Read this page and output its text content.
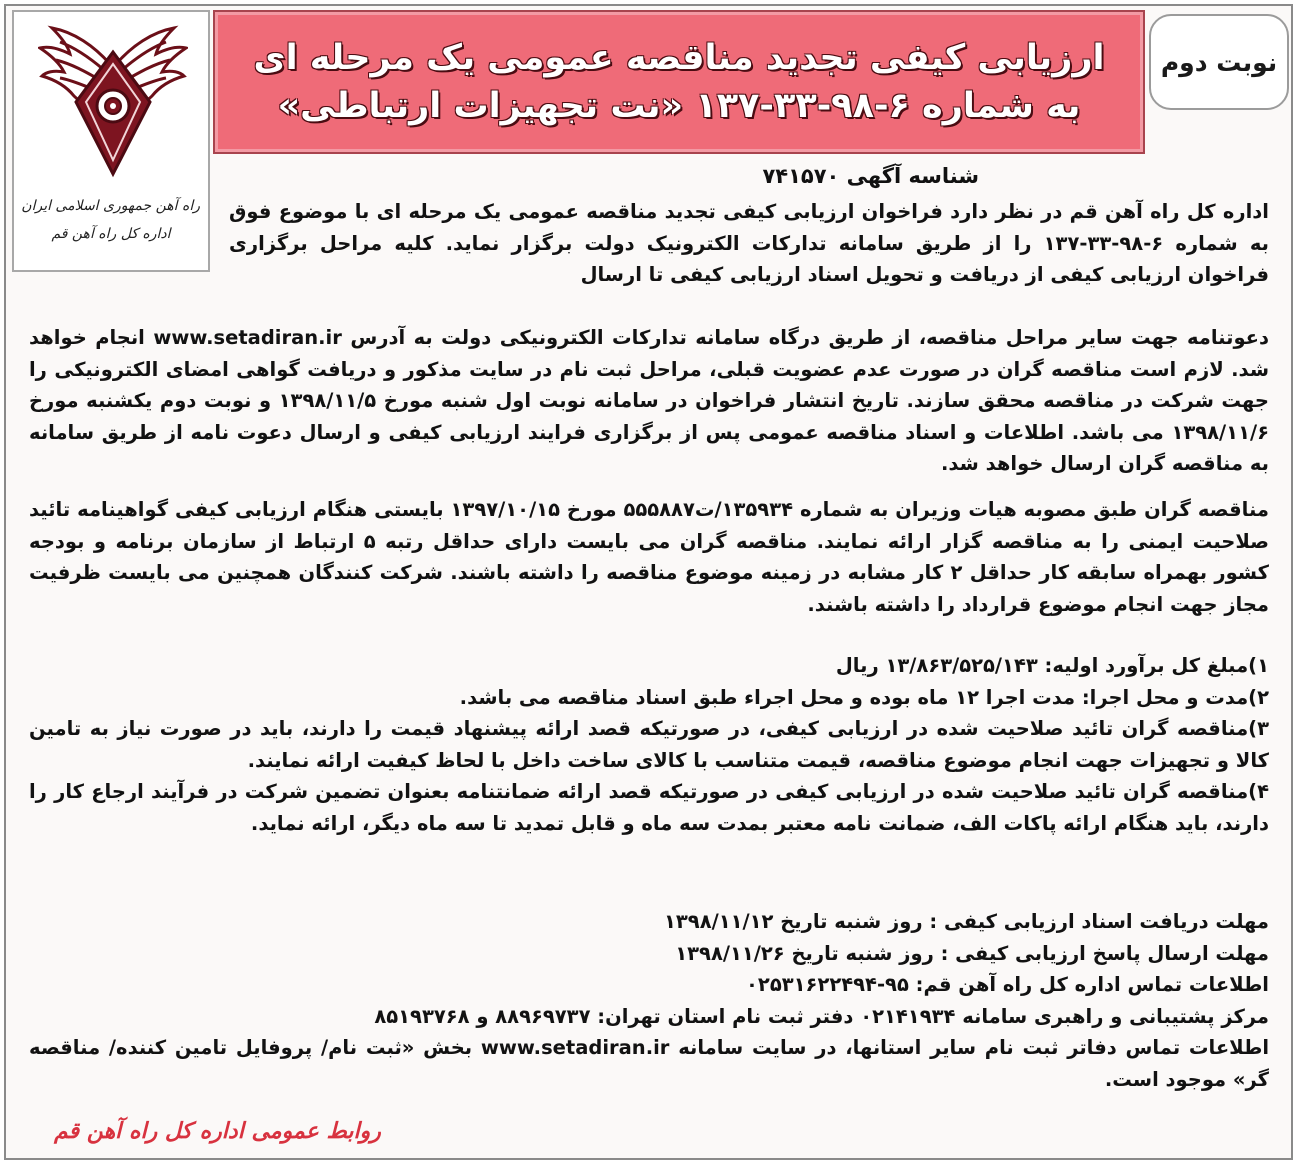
نوبت دوم
ارزیابی کیفی تجدید مناقصه عمومی یک مرحله ای
به شماره ۶-۹۸-۳۳-۱۳۷ «نت تجهیزات ارتباطی»
راه آهن جمهوری اسلامی ایران
اداره کل راه آهن قم
شناسه آگهی ۷۴۱۵۷۰
اداره کل راه آهن قم در نظر دارد فراخوان ارزیابی کیفی تجدید مناقصه عمومی یک مرحله ای با موضوع فوق به شماره ۶-۹۸-۳۳-۱۳۷ را از طریق سامانه تدارکات الکترونیک دولت برگزار نماید. کلیه مراحل برگزاری فراخوان ارزیابی کیفی از دریافت و تحویل اسناد ارزیابی کیفی تا ارسال
دعوتنامه جهت سایر مراحل مناقصه، از طریق درگاه سامانه تدارکات الکترونیکی دولت به آدرس www.setadiran.ir انجام خواهد شد. لازم است مناقصه گران در صورت عدم عضویت قبلی، مراحل ثبت نام در سایت مذکور و دریافت گواهی امضای الکترونیکی را جهت شرکت در مناقصه محقق سازند. تاریخ انتشار فراخوان در سامانه نوبت اول شنبه مورخ ۱۳۹۸/۱۱/۵ و نوبت دوم یکشنبه مورخ ۱۳۹۸/۱۱/۶ می باشد. اطلاعات و اسناد مناقصه عمومی پس از برگزاری فرایند ارزیابی کیفی و ارسال دعوت نامه از طریق سامانه به مناقصه گران ارسال خواهد شد.
مناقصه گران طبق مصوبه هیات وزیران به شماره ۱۳۵۹۳۴/ت۵۵۵۸۸۷ مورخ ۱۳۹۷/۱۰/۱۵ بایستی هنگام ارزیابی کیفی گواهینامه تائید صلاحیت ایمنی را به مناقصه گزار ارائه نمایند. مناقصه گران می بایست دارای حداقل رتبه ۵ ارتباط از سازمان برنامه و بودجه کشور بهمراه سابقه کار حداقل ۲ کار مشابه در زمینه موضوع مناقصه را داشته باشند. شرکت کنندگان همچنین می بایست ظرفیت مجاز جهت انجام موضوع قرارداد را داشته باشند.

۱)مبلغ کل برآورد اولیه: ۱۳/۸۶۳/۵۲۵/۱۴۳ ریال

۲)مدت و محل اجرا: مدت اجرا ۱۲ ماه بوده و محل اجراء طبق اسناد مناقصه می باشد.

۳)مناقصه گران تائید صلاحیت شده در ارزیابی کیفی، در صورتیکه قصد ارائه پیشنهاد قیمت را دارند، باید در صورت نیاز به تامین کالا و تجهیزات جهت انجام موضوع مناقصه، قیمت متناسب با کالای ساخت داخل با لحاظ کیفیت ارائه نمایند.

۴)مناقصه گران تائید صلاحیت شده در ارزیابی کیفی در صورتیکه قصد ارائه ضمانتنامه بعنوان تضمین شرکت در فرآیند ارجاع کار را دارند، باید هنگام ارائه پاکات الف، ضمانت نامه معتبر بمدت سه ماه و قابل تمدید تا سه ماه دیگر، ارائه نماید.

مهلت دریافت اسناد ارزیابی کیفی : روز شنبه تاریخ ۱۳۹۸/۱۱/۱۲
مهلت ارسال پاسخ ارزیابی کیفی : روز شنبه تاریخ ۱۳۹۸/۱۱/۲۶
اطلاعات تماس اداره کل راه آهن قم: ۹۵-۰۲۵۳۱۶۲۲۴۹۴
مرکز پشتیبانی و راهبری سامانه ۰۲۱۴۱۹۳۴ دفتر ثبت نام استان تهران: ۸۸۹۶۹۷۳۷ و ۸۵۱۹۳۷۶۸
اطلاعات تماس دفاتر ثبت نام سایر استانها، در سایت سامانه www.setadiran.ir بخش «ثبت نام/ پروفایل تامین کننده/ مناقصه گر» موجود است.
روابط عمومی اداره کل راه آهن قم
